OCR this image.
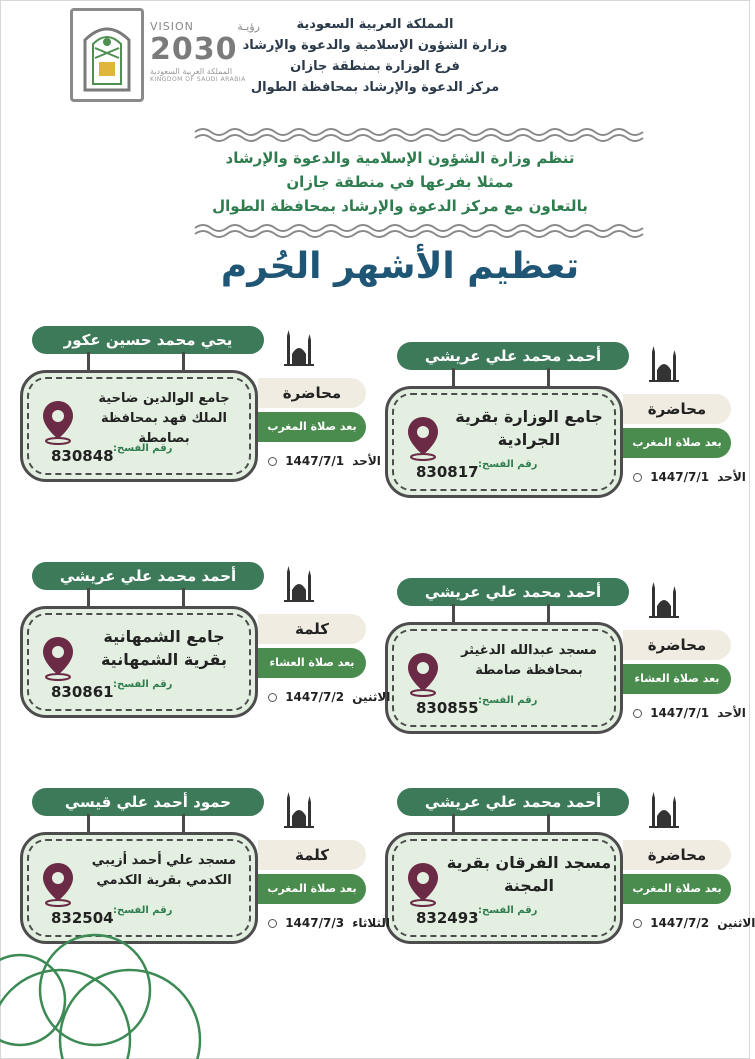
المملكة العربية السعودية
وزارة الشؤون الإسلامية والدعوة والإرشاد
فرع الوزارة بمنطقة جازان
مركز الدعوة والإرشاد بمحافظة الطوال
VISION	رؤيـة
2030
المملكة العربية السعودية
KINGDOM OF SAUDI ARABIA
تنظم وزارة الشؤون الإسلامية والدعوة والإرشاد
ممثلا بفرعها في منطقة جازان
بالتعاون مع مركز الدعوة والإرشاد بمحافظة الطوال
تعظيم الأشهر الحُرم
أحمد محمد علي عريشي
جامع الوزارة بقرية الجرادية
رقم الفسح:
830817
محاضرة
بعد صلاة المغرب
1447/7/1 الأحد
يحي محمد حسين عكور
جامع الوالدين ضاحية الملك فهد بمحافظة بصامطة
رقم الفسح:
830848
محاضرة
بعد صلاة المغرب
1447/7/1 الأحد
أحمد محمد علي عريشي
مسجد عبدالله الدغيثر بمحافظة صامطة
رقم الفسح:
830855
محاضرة
بعد صلاة العشاء
1447/7/1 الأحد
أحمد محمد علي عريشي
جامع الشمهانية بقرية الشمهانية
رقم الفسح:
830861
كلمة
بعد صلاة العشاء
1447/7/2 الاثنين
أحمد محمد علي عريشي
مسجد الفرقان بقرية المجنة
رقم الفسح:
832493
محاضرة
بعد صلاة المغرب
1447/7/2 الاثنين
حمود أحمد علي قيسي
مسجد علي أحمد أزيبي الكدمي بقرية الكدمي
رقم الفسح:
832504
كلمة
بعد صلاة المغرب
1447/7/3 الثلاثاء
